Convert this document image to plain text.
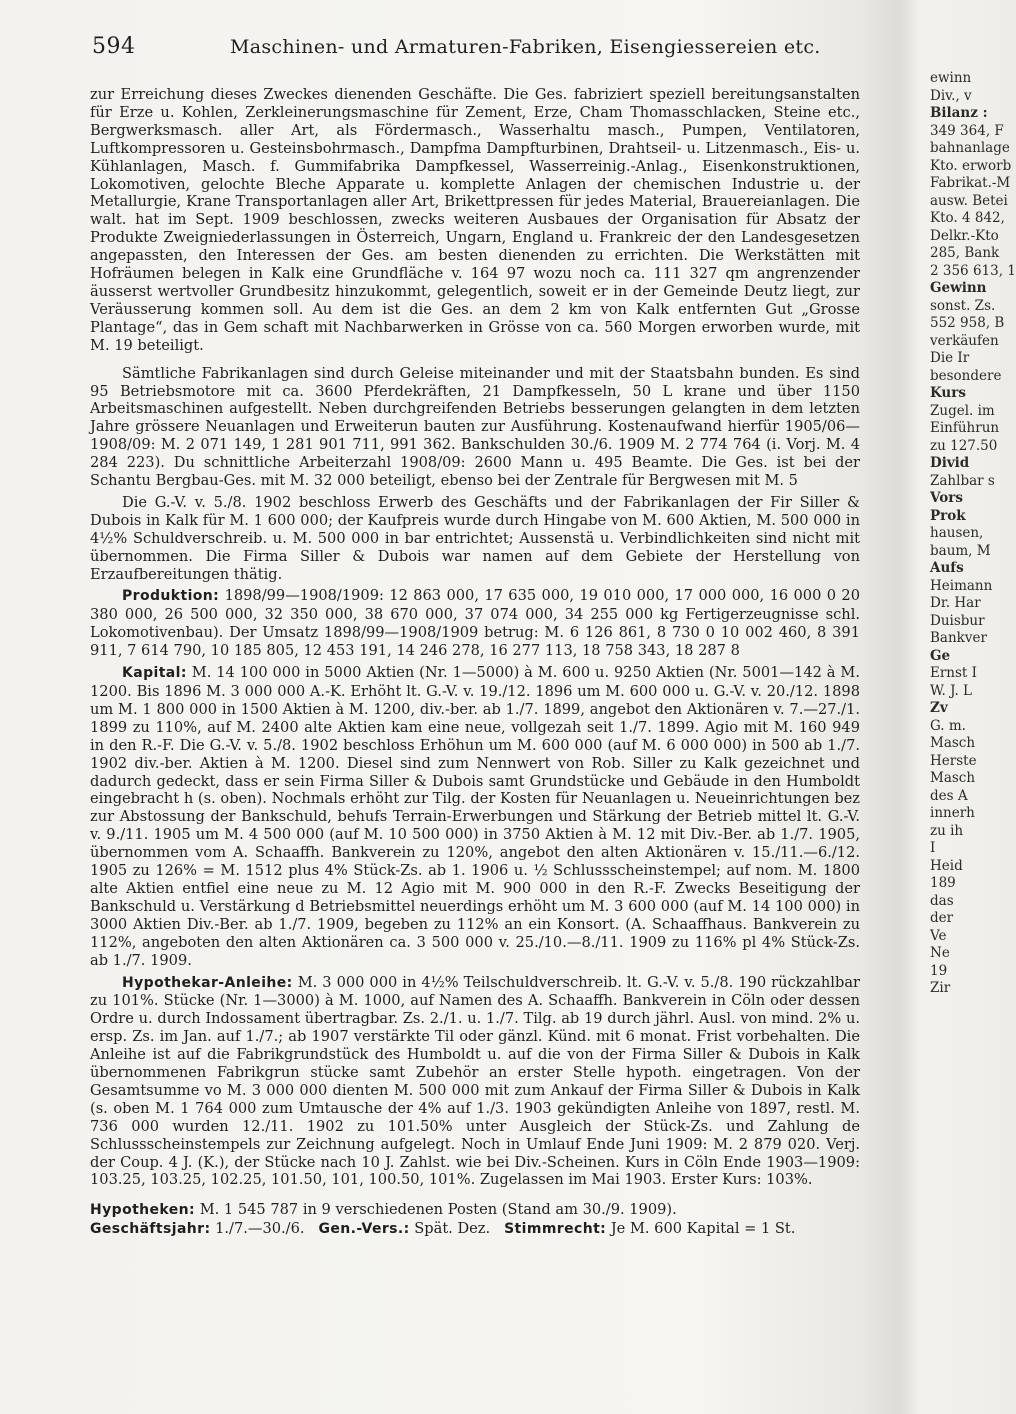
594	Maschinen- und Armaturen-Fabriken, Eisengiessereien etc.

zur Erreichung dieses Zweckes dienenden Geschäfte. Die Ges. fabriziert speziell bereitungsanstalten für Erze u. Kohlen, Zerkleinerungsmaschine für Zement, Erze, Cham Thomasschlacken, Steine etc., Bergwerksmasch. aller Art, als Fördermasch., Wasserhaltu masch., Pumpen, Ventilatoren, Luftkompressoren u. Gesteinsbohrmasch., Dampfma Dampfturbinen, Drahtseil- u. Litzenmasch., Eis- u. Kühlanlagen, Masch. f. Gummifabrika Dampfkessel, Wasserreinig.-Anlag., Eisenkonstruktionen, Lokomotiven, gelochte Bleche Apparate u. komplette Anlagen der chemischen Industrie u. der Metallurgie, Krane Transportanlagen aller Art, Brikettpressen für jedes Material, Brauereianlagen. Die walt. hat im Sept. 1909 beschlossen, zwecks weiteren Ausbaues der Organisation für Absatz der Produkte Zweigniederlassungen in Österreich, Ungarn, England u. Frankreic der den Landesgesetzen angepassten, den Interessen der Ges. am besten dienenden zu errichten. Die Werkstätten mit Hofräumen belegen in Kalk eine Grundfläche v. 164 97 wozu noch ca. 111 327 qm angrenzender äusserst wertvoller Grundbesitz hinzukommt, gelegentlich, soweit er in der Gemeinde Deutz liegt, zur Veräusserung kommen soll. Au dem ist die Ges. an dem 2 km von Kalk entfernten Gut „Grosse Plantage“, das in Gem schaft mit Nachbarwerken in Grösse von ca. 560 Morgen erworben wurde, mit M. 19 beteiligt.

Sämtliche Fabrikanlagen sind durch Geleise miteinander und mit der Staatsbahn bunden. Es sind 95 Betriebsmotore mit ca. 3600 Pferdekräften, 21 Dampfkesseln, 50 L krane und über 1150 Arbeitsmaschinen aufgestellt. Neben durchgreifenden Betriebs besserungen gelangten in dem letzten Jahre grössere Neuanlagen und Erweiterun bauten zur Ausführung. Kostenaufwand hierfür 1905/06—1908/09: M. 2 071 149, 1 281 901 711, 991 362. Bankschulden 30./6. 1909 M. 2 774 764 (i. Vorj. M. 4 284 223). Du schnittliche Arbeiterzahl 1908/09: 2600 Mann u. 495 Beamte. Die Ges. ist bei der Schantu Bergbau-Ges. mit M. 32 000 beteiligt, ebenso bei der Zentrale für Bergwesen mit M. 5

Die G.-V. v. 5./8. 1902 beschloss Erwerb des Geschäfts und der Fabrikanlagen der Fir Siller & Dubois in Kalk für M. 1 600 000; der Kaufpreis wurde durch Hingabe von M. 600 Aktien, M. 500 000 in 4½% Schuldverschreib. u. M. 500 000 in bar entrichtet; Aussenstä u. Verbindlichkeiten sind nicht mit übernommen. Die Firma Siller & Dubois war namen auf dem Gebiete der Herstellung von Erzaufbereitungen thätig.

Produktion: 1898/99—1908/1909: 12 863 000, 17 635 000, 19 010 000, 17 000 000, 16 000 0 20 380 000, 26 500 000, 32 350 000, 38 670 000, 37 074 000, 34 255 000 kg Fertigerzeugnisse schl. Lokomotivenbau). Der Umsatz 1898/99—1908/1909 betrug: M. 6 126 861, 8 730 0 10 002 460, 8 391 911, 7 614 790, 10 185 805, 12 453 191, 14 246 278, 16 277 113, 18 758 343, 18 287 8

Kapital: M. 14 100 000 in 5000 Aktien (Nr. 1—5000) à M. 600 u. 9250 Aktien (Nr. 5001—142 à M. 1200. Bis 1896 M. 3 000 000 A.-K. Erhöht lt. G.-V. v. 19./12. 1896 um M. 600 000 u. G.-V. v. 20./12. 1898 um M. 1 800 000 in 1500 Aktien à M. 1200, div.-ber. ab 1./7. 1899, angebot den Aktionären v. 7.—27./1. 1899 zu 110%, auf M. 2400 alte Aktien kam eine neue, vollgezah seit 1./7. 1899. Agio mit M. 160 949 in den R.-F. Die G.-V. v. 5./8. 1902 beschloss Erhöhun um M. 600 000 (auf M. 6 000 000) in 500 ab 1./7. 1902 div.-ber. Aktien à M. 1200. Diesel sind zum Nennwert von Rob. Siller zu Kalk gezeichnet und dadurch gedeckt, dass er sein Firma Siller & Dubois samt Grundstücke und Gebäude in den Humboldt eingebracht h (s. oben). Nochmals erhöht zur Tilg. der Kosten für Neuanlagen u. Neueinrichtungen bez zur Abstossung der Bankschuld, behufs Terrain-Erwerbungen und Stärkung der Betrieb mittel lt. G.-V. v. 9./11. 1905 um M. 4 500 000 (auf M. 10 500 000) in 3750 Aktien à M. 12 mit Div.-Ber. ab 1./7. 1905, übernommen vom A. Schaaffh. Bankverein zu 120%, angebot den alten Aktionären v. 15./11.—6./12. 1905 zu 126% = M. 1512 plus 4% Stück-Zs. ab 1. 1906 u. ½ Schlussscheinstempel; auf nom. M. 1800 alte Aktien entfiel eine neue zu M. 12 Agio mit M. 900 000 in den R.-F. Zwecks Beseitigung der Bankschuld u. Verstärkung d Betriebsmittel neuerdings erhöht um M. 3 600 000 (auf M. 14 100 000) in 3000 Aktien Div.-Ber. ab 1./7. 1909, begeben zu 112% an ein Konsort. (A. Schaaffhaus. Bankverein zu 112%, angeboten den alten Aktionären ca. 3 500 000 v. 25./10.—8./11. 1909 zu 116% pl 4% Stück-Zs. ab 1./7. 1909.

Hypothekar-Anleihe: M. 3 000 000 in 4½% Teilschuldverschreib. lt. G.-V. v. 5./8. 190 rückzahlbar zu 101%. Stücke (Nr. 1—3000) à M. 1000, auf Namen des A. Schaaffh. Bankverein in Cöln oder dessen Ordre u. durch Indossament übertragbar. Zs. 2./1. u. 1./7. Tilg. ab 19 durch jährl. Ausl. von mind. 2% u. ersp. Zs. im Jan. auf 1./7.; ab 1907 verstärkte Til oder gänzl. Künd. mit 6 monat. Frist vorbehalten. Die Anleihe ist auf die Fabrikgrundstück des Humboldt u. auf die von der Firma Siller & Dubois in Kalk übernommenen Fabrikgrun stücke samt Zubehör an erster Stelle hypoth. eingetragen. Von der Gesamtsumme vo M. 3 000 000 dienten M. 500 000 mit zum Ankauf der Firma Siller & Dubois in Kalk (s. oben M. 1 764 000 zum Umtausche der 4% auf 1./3. 1903 gekündigten Anleihe von 1897, restl. M. 736 000 wurden 12./11. 1902 zu 101.50% unter Ausgleich der Stück-Zs. und Zahlung de Schlussscheinstempels zur Zeichnung aufgelegt. Noch in Umlauf Ende Juni 1909: M. 2 879 020. Verj. der Coup. 4 J. (K.), der Stücke nach 10 J. Zahlst. wie bei Div.-Scheinen. Kurs in Cöln Ende 1903—1909: 103.25, 103.25, 102.25, 101.50, 101, 100.50, 101%. Zugelassen im Mai 1903. Erster Kurs: 103%.

Hypotheken: M. 1 545 787 in 9 verschiedenen Posten (Stand am 30./9. 1909).

Geschäftsjahr: 1./7.—30./6. Gen.-Vers.: Spät. Dez. Stimmrecht: Je M. 600 Kapital = 1 St.

ewinn
Div., v
Bilanz :
349 364, F
bahnanlage
Kto. erworb
Fabrikat.-M
ausw. Betei
Kto. 4 842,
Delkr.-Kto
285, Bank
2 356 613, 1
Gewinn
sonst. Zs.
552 958, B
verkäufen
Die Ir
besondere
Kurs
Zugel. im
Einführun
zu 127.50
Divid
Zahlbar s
Vors
Prok
hausen,
baum, M
Aufs
Heimann
Dr. Har
Duisbur
Bankver
Ge
Ernst I
W. J. L
Zv
G. m.
Masch
Herste
Masch
des A
innerh
zu ih
I
Heid
189
das
der
Ve
Ne
19
Zir
